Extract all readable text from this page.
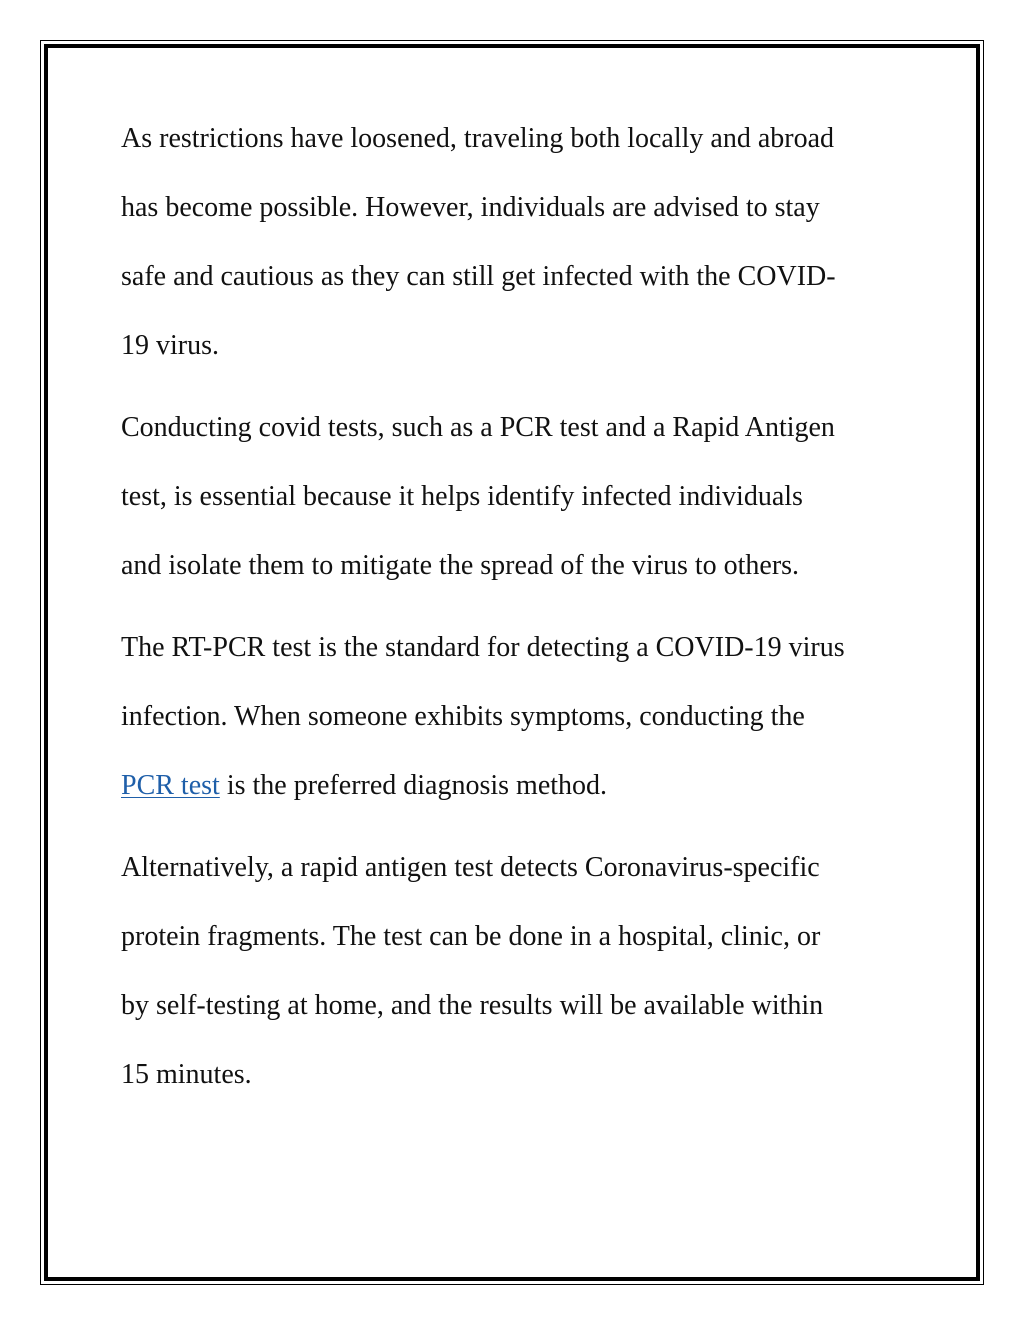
As restrictions have loosened, traveling both locally and abroad
has become possible. However, individuals are advised to stay
safe and cautious as they can still get infected with the COVID-
19 virus.

Conducting covid tests, such as a PCR test and a Rapid Antigen
test, is essential because it helps identify infected individuals
and isolate them to mitigate the spread of the virus to others.

The RT-PCR test is the standard for detecting a COVID-19 virus
infection. When someone exhibits symptoms, conducting the
PCR test is the preferred diagnosis method.

Alternatively, a rapid antigen test detects Coronavirus-specific
protein fragments. The test can be done in a hospital, clinic, or
by self-testing at home, and the results will be available within
15 minutes.
